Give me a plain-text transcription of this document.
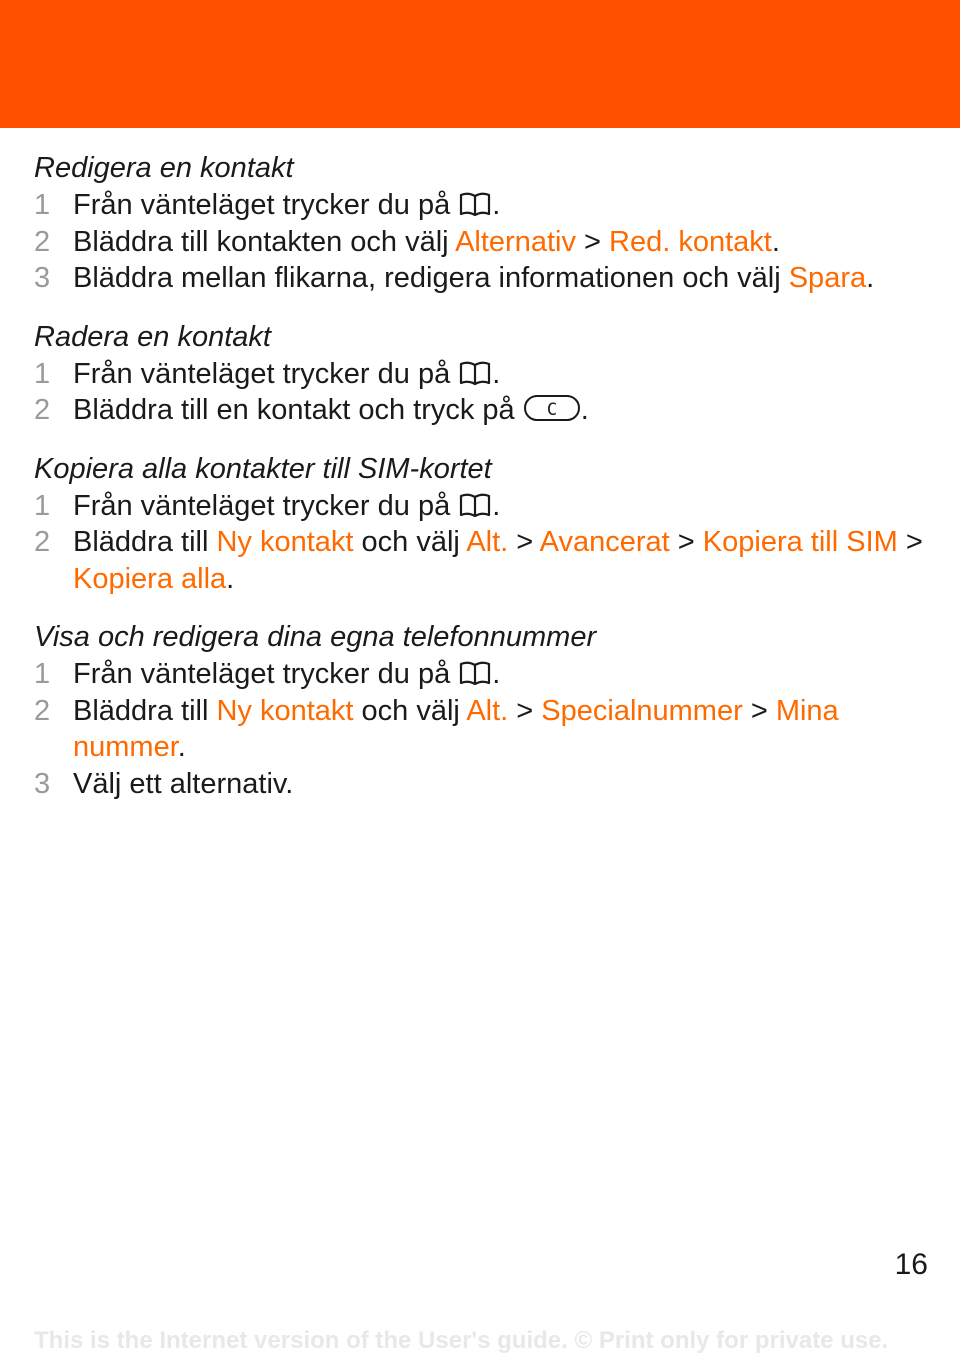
Redigera en kontakt
1 Från vänteläget trycker du på .
2 Bläddra till kontakten och välj Alternativ > Red. kontakt.
3 Bläddra mellan flikarna, redigera informationen och välj Spara.
Radera en kontakt
1 Från vänteläget trycker du på .
2 Bläddra till en kontakt och tryck på C .
Kopiera alla kontakter till SIM-kortet
1 Från vänteläget trycker du på .
2 Bläddra till Ny kontakt och välj Alt. > Avancerat > Kopiera till SIM > Kopiera alla.
Visa och redigera dina egna telefonnummer
1 Från vänteläget trycker du på .
2 Bläddra till Ny kontakt och välj Alt. > Specialnummer > Mina nummer.
3 Välj ett alternativ.
16
This is the Internet version of the User's guide. © Print only for private use.
